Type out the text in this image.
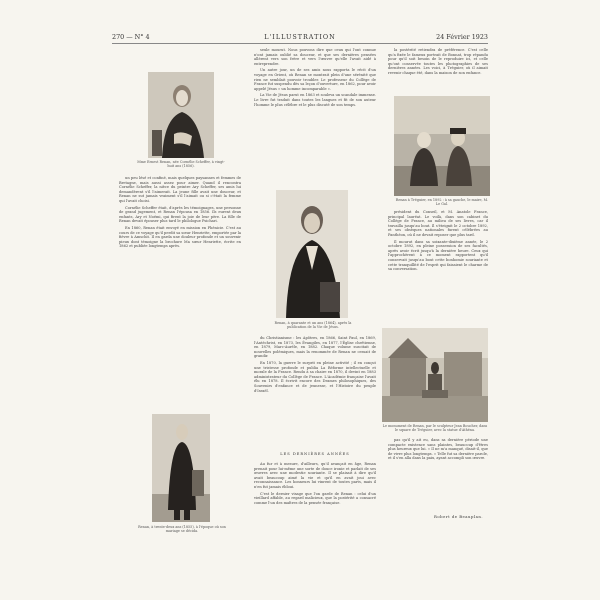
270 — N° 4	L'ILLUSTRATION	24 Février 1923
Mme Ernest Renan, née Cornélie Scheffer, à vingt-huit ans (1856).

un peu lésé et confiné, mais quelques paysannes et femmes de Bretagne, mais aussi assez pour aimer. Quand il rencontra Cornélie Scheffer, la nièce du peintre Ary Scheffer, ses amis lui demandèrent s'il l'aimerait. La jeune fille avait une douceur, et Renan ne sut jamais vraiment s'il l'aimait ou si c'était la femme qui l'avait choisi.

Cornélie Scheffer était, d'après les témoignages, une personne de grand jugement, et Renan l'épousa en 1856. Ils eurent deux enfants, Ary et Noémi, qui firent la joie de leur père. La fille de Renan devait épouser plus tard le philologue Psichari.

En 1860, Renan était envoyé en mission en Phénicie. C'est au cours de ce voyage qu'il perdit sa sœur Henriette, emportée par la fièvre à Amschit. Il en garda une douleur profonde et un souvenir pieux dont témoigne la brochure Ma sœur Henriette, écrite en 1862 et publiée longtemps après.

seule mourut. Nous pouvons dire que ceux qui l'ont connue n'ont jamais oublié sa douceur, et que ses dernières pensées allèrent vers son frère et vers l'œuvre qu'elle l'avait aidé à entreprendre.

Un autre jour, un de ses amis nous rapporta le récit d'un voyage en Orient, où Renan se montrait plein d'une sérénité que rien ne semblait pouvoir troubler. Le professeur du Collège de France fut suspendu dès sa leçon d'ouverture, en 1862, pour avoir appelé Jésus « un homme incomparable ».

La Vie de Jésus parut en 1863 et souleva un scandale immense. Le livre fut traduit dans toutes les langues et fit de son auteur l'homme le plus célèbre et le plus discuté de son temps.

Renan, à quarante et un ans (1864), après la publication de la Vie de Jésus.

la postérité retiendra de préférence. C'est celle qu'a fixée le fameux portrait de Bonnat, trop répandu pour qu'il soit besoin de le reproduire ici, et celle qu'ont conservée toutes les photographies de ses dernières années. Les voici, à Tréguier, où il aimait revenir chaque été, dans la maison de son enfance.

Renan à Tréguier, en 1892 : à sa gauche, le maire, M. Le Gal.

président du Conseil, et M. Anatole France, principal lauréat. Le voilà, dans son cabinet du Collège de France, au milieu de ses livres, car il travailla jusqu'au bout. Il s'éteignit le 2 octobre 1892, et ses obsèques nationales furent célébrées au Panthéon, où il ne devait reposer que plus tard.

Il mourut dans sa soixante-dixième année, le 2 octobre 1892, en pleine possession de ses facultés, après avoir écrit jusqu'à la dernière heure. Ceux qui l'approchèrent à ce moment rapportent qu'il conservait jusqu'au bout cette bonhomie souriante et cette tranquillité de l'esprit qui faisaient le charme de sa conversation.

Renan, à trente-deux ans (1855), à l'époque où son mariage se décida.

du Christianisme : les Apôtres, en 1866, Saint Paul, en 1869, l'Antéchrist, en 1873, les Évangiles, en 1877, l'Église chrétienne, en 1879, Marc-Aurèle, en 1882. Chaque volume suscitait de nouvelles polémiques, mais la renommée de Renan ne cessait de grandir.

En 1870, la guerre le surprit en pleine activité ; il en conçut une tristesse profonde et publia La Réforme intellectuelle et morale de la France. Rendu à sa chaire en 1870, il devint en 1883 administrateur du Collège de France. L'Académie française l'avait élu en 1878. Il écrivit encore des Drames philosophiques, des Souvenirs d'enfance et de jeunesse, et l'Histoire du peuple d'Israël.

Le monument de Renan, par le sculpteur Jean Boucher, dans le square de Tréguier, avec la statue d'Athéna.
LES DERNIÈRES ANNÉES

Au fur et à mesure, d'ailleurs, qu'il avançait en âge, Renan prenait pour lui-même une sorte de douce ironie et parlait de ses œuvres avec une modestie souriante. Il se plaisait à dire qu'il avait beaucoup aimé la vie et qu'il en avait joui avec reconnaissance. Les honneurs lui vinrent de toutes parts, mais il n'en fut jamais ébloui.

C'est le dernier visage que l'on garde de Renan : celui d'un vieillard affable, au regard malicieux, que la postérité a consacré comme l'un des maîtres de la pensée française.

pas qu'il y ait eu, dans sa dernière période une compacte existence sans plaintes, beaucoup d'êtres plus heureux que lui. « Il ne m'a manqué, disait-il, que de vivre plus longtemps. » Telle fut sa dernière parole, et il s'en alla dans la paix, ayant accompli son œuvre.

Robert de Beauplan.
